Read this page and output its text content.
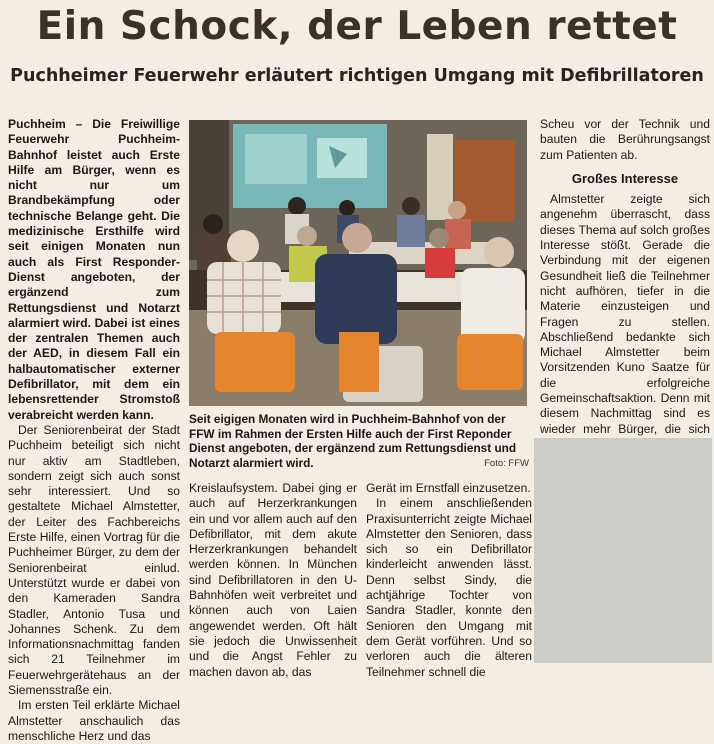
Ein Schock, der Leben rettet
Puchheimer Feuerwehr erläutert richtigen Umgang mit Defibrillatoren

Puchheim – Die Freiwillige Feuerwehr Puchheim-Bahnhof leistet auch Erste Hilfe am Bürger, wenn es nicht nur um Brandbekämpfung oder technische Belange geht. Die medizinische Ersthilfe wird seit einigen Monaten nun auch als First Responder-Dienst angeboten, der ergänzend zum Rettungsdienst und Notarzt alarmiert wird. Dabei ist eines der zentralen Themen auch der AED, in diesem Fall ein halbautomatischer externer Defibrillator, mit dem ein lebensrettender Stromstoß verabreicht werden kann.

Der Seniorenbeirat der Stadt Puchheim beteiligt sich nicht nur aktiv am Stadtleben, sondern zeigt sich auch sonst sehr interessiert. Und so gestaltete Michael Almstetter, der Leiter des Fachbereichs Erste Hilfe, einen Vortrag für die Puchheimer Bürger, zu dem der Seniorenbeirat einlud. Unterstützt wurde er dabei von den Kameraden Sandra Stadler, Antonio Tusa und Johannes Schenk. Zu dem Informationsnachmittag fanden sich 21 Teilnehmer im Feuerwehrgerätehaus an der Siemensstraße ein.

Im ersten Teil erklärte Michael Almstetter anschaulich das menschliche Herz und das

Seit eigigen Monaten wird in Puchheim-Bahnhof von der FFW im Rahmen der Ersten Hilfe auch der First Reponder Dienst angeboten, der ergänzend zum Rettungsdienst und Notarzt alarmiert wird.	Foto: FFW

Kreislaufsystem. Dabei ging er auch auf Herzerkrankungen ein und vor allem auch auf den Defibrillator, mit dem akute Herzerkrankungen behandelt werden können. In München sind Defibrillatoren in den U-Bahnhöfen weit verbreitet und können auch von Laien angewendet werden. Oft hält sie jedoch die Unwissenheit und die Angst Fehler zu machen davon ab, das

Gerät im Ernstfall einzusetzen.

In einem anschließenden Praxisunterricht zeigte Michael Almstetter den Senioren, dass sich so ein Defibrillator kinderleicht anwenden lässt. Denn selbst Sindy, die achtjährige Tochter von Sandra Stadler, konnte den Senioren den Umgang mit dem Gerät vorführen. Und so verloren auch die älteren Teilnehmer schnell die

Scheu vor der Technik und bauten die Berührungsangst zum Patienten ab.

Großes Interesse

Almstetter zeigte sich angenehm überrascht, dass dieses Thema auf solch großes Interesse stößt. Gerade die Verbindung mit der eigenen Gesundheit ließ die Teilnehmer nicht aufhören, tiefer in die Materie einzusteigen und Fragen zu stellen. Abschließend bedankte sich Michael Almstetter beim Vorsitzenden Kuno Saatze für die erfolgreiche Gemeinschaftsaktion. Denn mit diesem Nachmittag sind es wieder mehr Bürger, die sich
